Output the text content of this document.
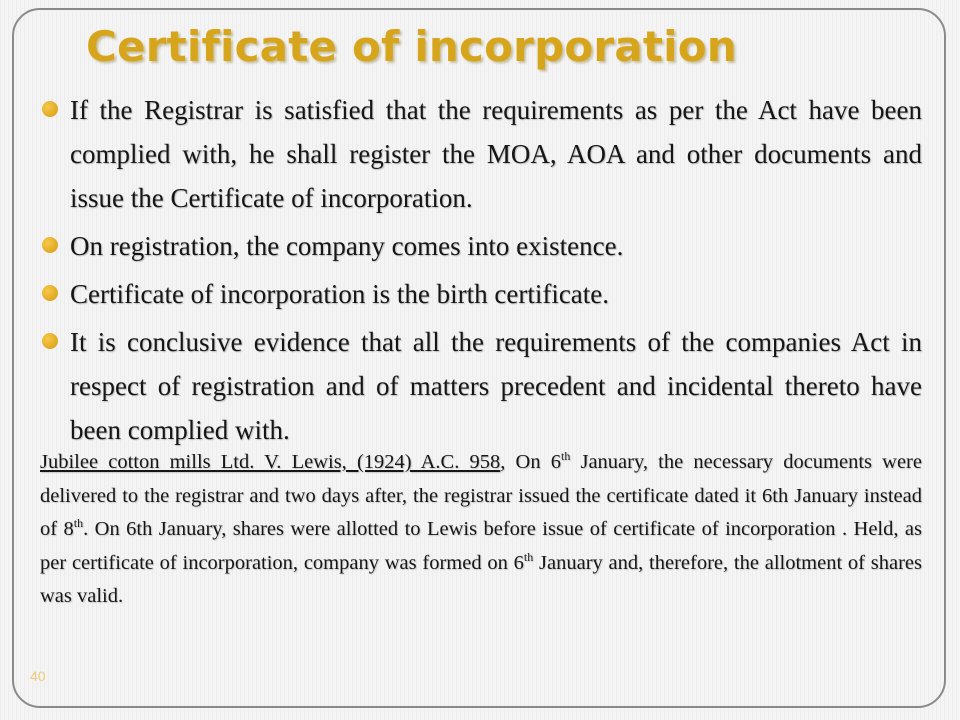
Certificate of incorporation
If the Registrar is satisfied that the requirements as per the Act have been complied with, he shall register the MOA, AOA and other documents and issue the Certificate of incorporation.
On registration, the company comes into existence.
Certificate of incorporation is the birth certificate.
It is conclusive evidence that all the requirements of the companies Act in respect of registration and of matters precedent and incidental thereto have been complied with.

Jubilee cotton mills Ltd. V. Lewis, (1924) A.C. 958, On 6th January, the necessary documents were delivered to the registrar and two days after, the registrar issued the certificate dated it 6th January instead of 8th. On 6th January, shares were allotted to Lewis before issue of certificate of incorporation . Held, as per certificate of incorporation, company was formed on 6th January and, therefore, the allotment of shares was valid.

40
